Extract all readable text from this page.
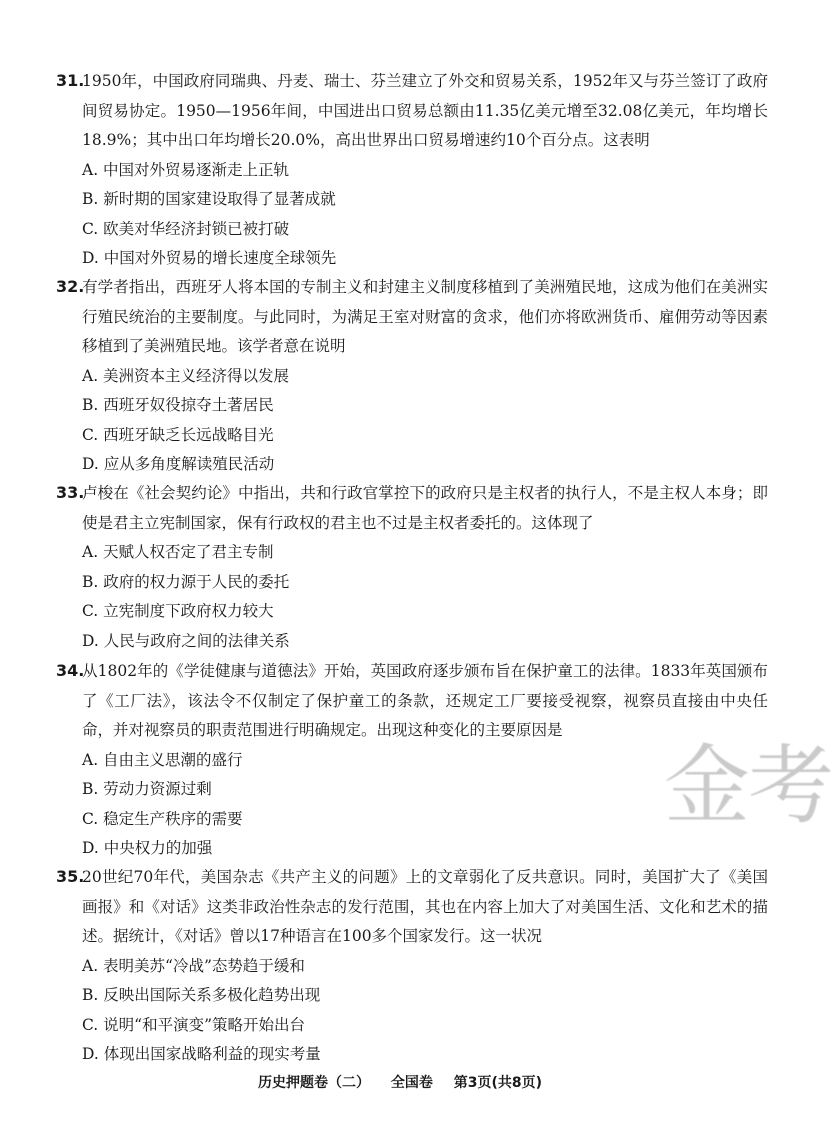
31.1950年，中国政府同瑞典、丹麦、瑞士、芬兰建立了外交和贸易关系，1952年又与芬兰签订了政府间贸易协定。1950—1956年间，中国进出口贸易总额由11.35亿美元增至32.08亿美元，年均增长18.9%；其中出口年均增长20.0%，高出世界出口贸易增速约10个百分点。这表明

A. 中国对外贸易逐渐走上正轨

B. 新时期的国家建设取得了显著成就

C. 欧美对华经济封锁已被打破

D. 中国对外贸易的增长速度全球领先

32.有学者指出，西班牙人将本国的专制主义和封建主义制度移植到了美洲殖民地，这成为他们在美洲实行殖民统治的主要制度。与此同时，为满足王室对财富的贪求，他们亦将欧洲货币、雇佣劳动等因素移植到了美洲殖民地。该学者意在说明

A. 美洲资本主义经济得以发展

B. 西班牙奴役掠夺土著居民

C. 西班牙缺乏长远战略目光

D. 应从多角度解读殖民活动

33.卢梭在《社会契约论》中指出，共和行政官掌控下的政府只是主权者的执行人，不是主权人本身；即使是君主立宪制国家，保有行政权的君主也不过是主权者委托的。这体现了

A. 天赋人权否定了君主专制

B. 政府的权力源于人民的委托

C. 立宪制度下政府权力较大

D. 人民与政府之间的法律关系

34.从1802年的《学徒健康与道德法》开始，英国政府逐步颁布旨在保护童工的法律。1833年英国颁布了《工厂法》，该法令不仅制定了保护童工的条款，还规定工厂要接受视察，视察员直接由中央任命，并对视察员的职责范围进行明确规定。出现这种变化的主要原因是

A. 自由主义思潮的盛行

B. 劳动力资源过剩

C. 稳定生产秩序的需要

D. 中央权力的加强

35.20世纪70年代，美国杂志《共产主义的问题》上的文章弱化了反共意识。同时，美国扩大了《美国画报》和《对话》这类非政治性杂志的发行范围，其也在内容上加大了对美国生活、文化和艺术的描述。据统计，《对话》曾以17种语言在100多个国家发行。这一状况

A. 表明美苏“冷战”态势趋于缓和

B. 反映出国际关系多极化趋势出现

C. 说明“和平演变”策略开始出台

D. 体现出国家战略利益的现实考量

金考
历史押题卷（二） 全国卷 第3页(共8页)
